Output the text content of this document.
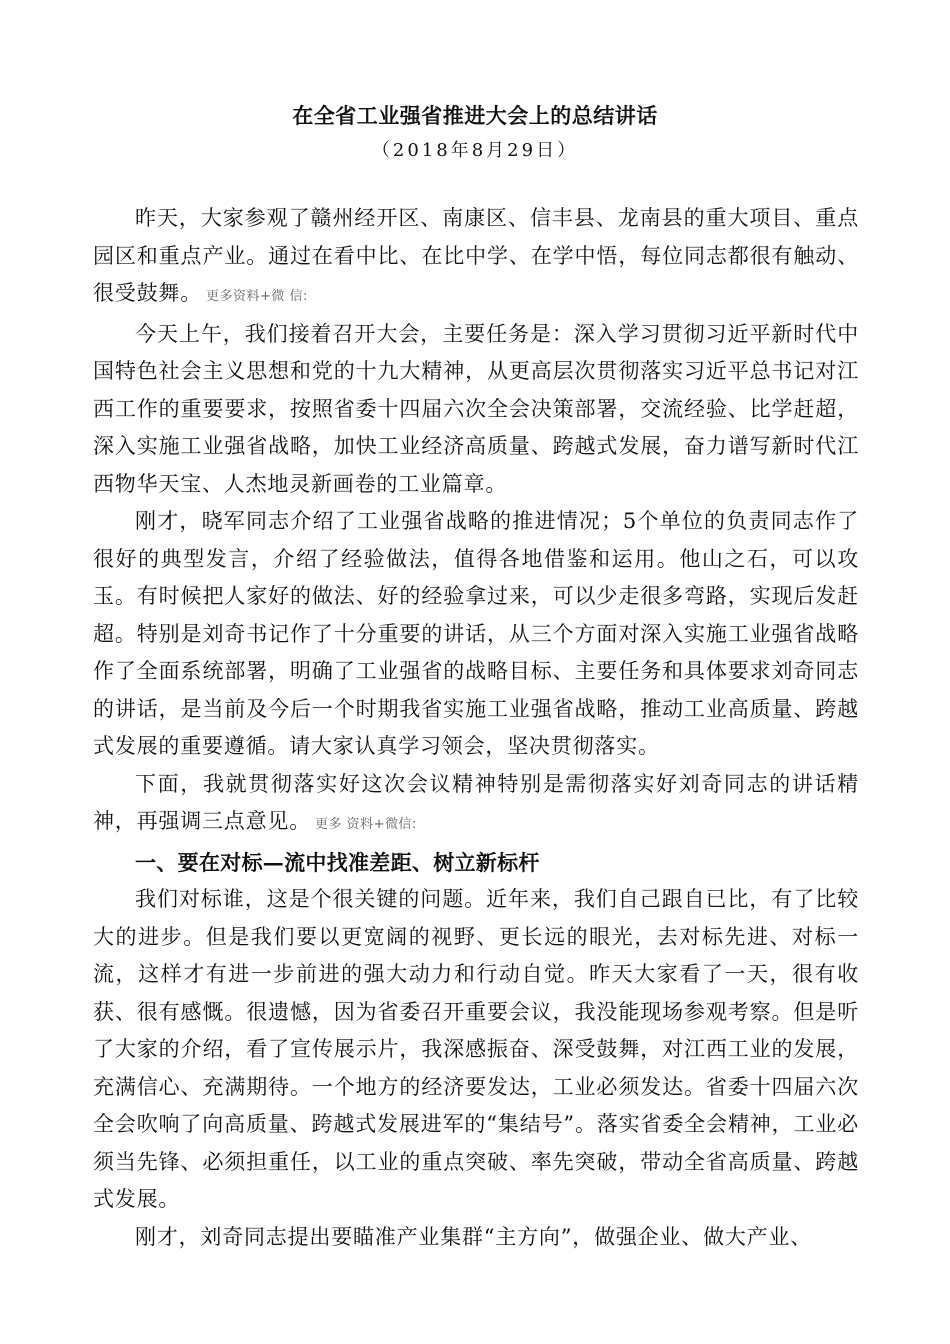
在全省工业强省推进大会上的总结讲话
（2018年8月29日）

昨天，大家参观了赣州经开区、南康区、信丰县、龙南县的重大项目、重点园区和重点产业。通过在看中比、在比中学、在学中悟，每位同志都很有触动、很受鼓舞。 更多资料+微 信:

今天上午，我们接着召开大会，主要任务是：深入学习贯彻习近平新时代中国特色社会主义思想和党的十九大精神，从更高层次贯彻落实习近平总书记对江西工作的重要要求，按照省委十四届六次全会决策部署，交流经验、比学赶超，深入实施工业强省战略，加快工业经济高质量、跨越式发展，奋力谱写新时代江西物华天宝、人杰地灵新画卷的工业篇章。

刚才，晓军同志介绍了工业强省战略的推进情况；5个单位的负责同志作了很好的典型发言，介绍了经验做法，值得各地借鉴和运用。他山之石，可以攻玉。有时候把人家好的做法、好的经验拿过来，可以少走很多弯路，实现后发赶超。特别是刘奇书记作了十分重要的讲话，从三个方面对深入实施工业强省战略作了全面系统部署，明确了工业强省的战略目标、主要任务和具体要求刘奇同志的讲话，是当前及今后一个时期我省实施工业强省战略，推动工业高质量、跨越式发展的重要遵循。请大家认真学习领会，坚决贯彻落实。

下面，我就贯彻落实好这次会议精神特别是需彻落实好刘奇同志的讲话精神，再强调三点意见。 更多 资料+微信:

一、要在对标—流中找准差距、树立新标杆

我们对标谁，这是个很关键的问题。近年来，我们自己跟自已比，有了比较大的进步。但是我们要以更宽阔的视野、更长远的眼光，去对标先进、对标一流，这样才有进一步前进的强大动力和行动自觉。昨天大家看了一天，很有收获、很有感慨。很遗憾，因为省委召开重要会议，我没能现场参观考察。但是听了大家的介绍，看了宣传展示片，我深感振奋、深受鼓舞，对江西工业的发展，充满信心、充满期待。一个地方的经济要发达，工业必须发达。省委十四届六次全会吹响了向高质量、跨越式发展进军的“集结号”。落实省委全会精神，工业必须当先锋、必须担重任，以工业的重点突破、率先突破，带动全省高质量、跨越式发展。

刚才，刘奇同志提出要瞄准产业集群“主方向”，做强企业、做大产业、
